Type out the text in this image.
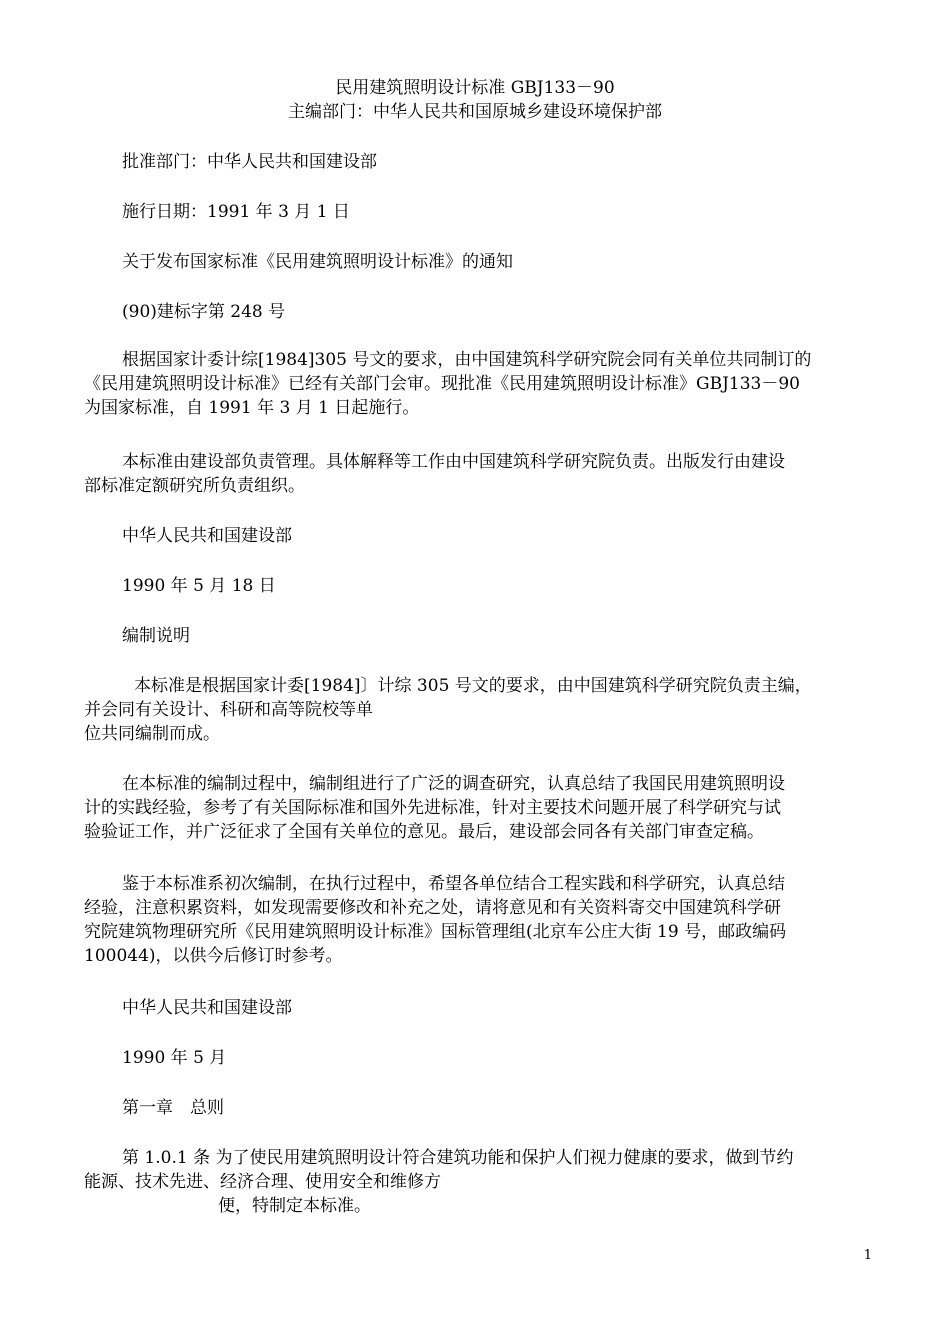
民用建筑照明设计标准 GBJ133－90
主编部门：中华人民共和国原城乡建设环境保护部
批准部门：中华人民共和国建设部
施行日期：1991 年 3 月 1 日
关于发布国家标准《民用建筑照明设计标准》的通知
(90)建标字第 248 号
根据国家计委计综[1984]305 号文的要求，由中国建筑科学研究院会同有关单位共同制订的
《民用建筑照明设计标准》已经有关部门会审。现批准《民用建筑照明设计标准》GBJ133－90
为国家标准，自 1991 年 3 月 1 日起施行。
本标准由建设部负责管理。具体解释等工作由中国建筑科学研究院负责。出版发行由建设
部标准定额研究所负责组织。
中华人民共和国建设部
1990 年 5 月 18 日
编制说明
本标准是根据国家计委[1984]〕计综 305 号文的要求，由中国建筑科学研究院负责主编，
并会同有关设计、科研和高等院校等单
位共同编制而成。
在本标准的编制过程中，编制组进行了广泛的调查研究，认真总结了我国民用建筑照明设
计的实践经验，参考了有关国际标准和国外先进标准，针对主要技术问题开展了科学研究与试
验验证工作，并广泛征求了全国有关单位的意见。最后，建设部会同各有关部门审查定稿。
鉴于本标准系初次编制，在执行过程中，希望各单位结合工程实践和科学研究，认真总结
经验，注意积累资料，如发现需要修改和补充之处，请将意见和有关资料寄交中国建筑科学研
究院建筑物理研究所《民用建筑照明设计标准》国标管理组(北京车公庄大街 19 号，邮政编码
100044)，以供今后修订时参考。
中华人民共和国建设部
1990 年 5 月
第一章　总则
第 1.0.1 条 为了使民用建筑照明设计符合建筑功能和保护人们视力健康的要求，做到节约
能源、技术先进、经济合理、使用安全和维修方
便，特制定本标准。
1
